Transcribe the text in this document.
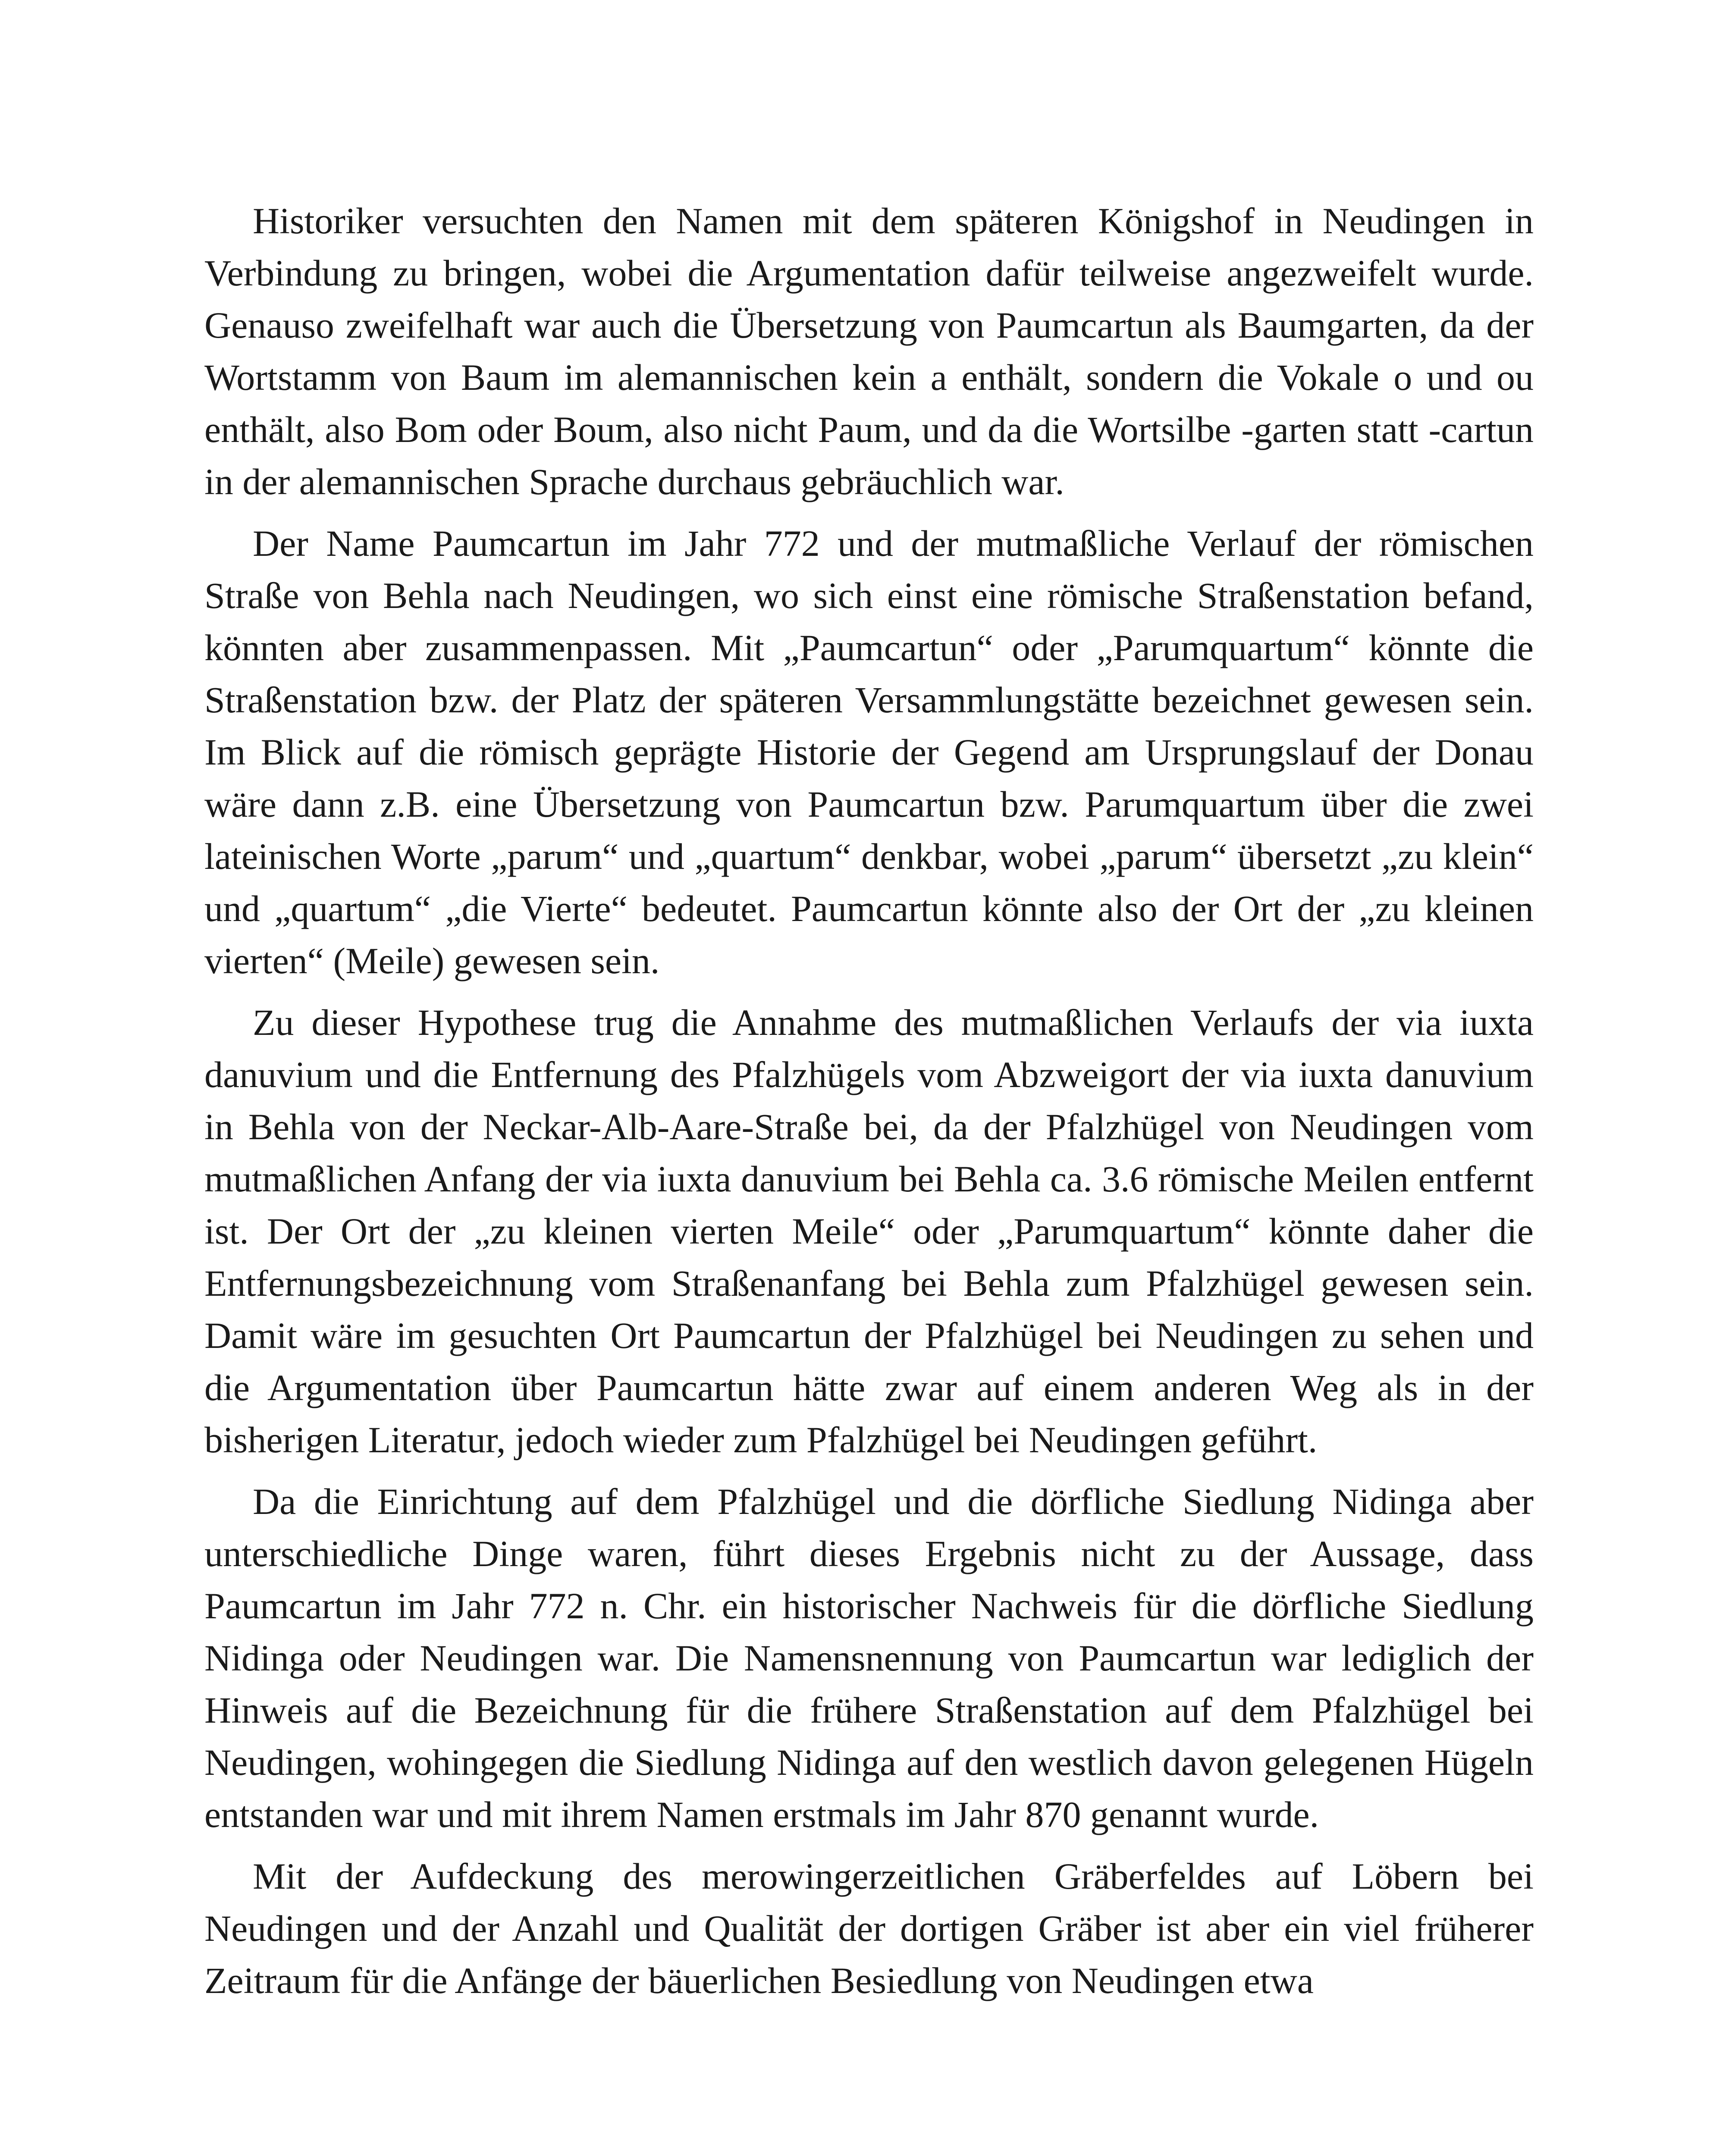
Historiker versuchten den Namen mit dem späteren Königshof in Neudingen in Verbindung zu bringen, wobei die Argumentation dafür teilweise angezweifelt wurde. Genauso zweifelhaft war auch die Übersetzung von Paumcartun als Baumgarten, da der Wortstamm von Baum im alemannischen kein a enthält, sondern die Vokale o und ou enthält, also Bom oder Boum, also nicht Paum, und da die Wortsilbe -garten statt -cartun in der alemannischen Sprache durchaus gebräuchlich war.

Der Name Paumcartun im Jahr 772 und der mutmaßliche Verlauf der römischen Straße von Behla nach Neudingen, wo sich einst eine römische Straßenstation befand, könnten aber zusammenpassen. Mit „Paumcartun“ oder „Parumquartum“ könnte die Straßenstation bzw. der Platz der späteren Versammlungstätte bezeichnet gewesen sein. Im Blick auf die römisch geprägte Historie der Gegend am Ursprungslauf der Donau wäre dann z.B. eine Übersetzung von Paumcartun bzw. Parumquartum über die zwei lateinischen Worte „parum“ und „quartum“ denkbar, wobei „parum“ übersetzt „zu klein“ und „quartum“ „die Vierte“ bedeutet. Paumcartun könnte also der Ort der „zu kleinen vierten“ (Meile) gewesen sein.

Zu dieser Hypothese trug die Annahme des mutmaßlichen Verlaufs der via iuxta danuvium und die Entfernung des Pfalzhügels vom Abzweigort der via iuxta danuvium in Behla von der Neckar-Alb-Aare-Straße bei, da der Pfalzhügel von Neudingen vom mutmaßlichen Anfang der via iuxta danuvium bei Behla ca. 3.6 römische Meilen entfernt ist. Der Ort der „zu kleinen vierten Meile“ oder „Parumquartum“ könnte daher die Entfernungsbezeichnung vom Straßenanfang bei Behla zum Pfalzhügel gewesen sein. Damit wäre im gesuchten Ort Paumcartun der Pfalzhügel bei Neudingen zu sehen und die Argumentation über Paumcartun hätte zwar auf einem anderen Weg als in der bisherigen Literatur, jedoch wieder zum Pfalzhügel bei Neudingen geführt.

Da die Einrichtung auf dem Pfalzhügel und die dörfliche Siedlung Nidinga aber unterschiedliche Dinge waren, führt dieses Ergebnis nicht zu der Aussage, dass Paumcartun im Jahr 772 n. Chr. ein historischer Nachweis für die dörfliche Siedlung Nidinga oder Neudingen war. Die Namensnennung von Paumcartun war lediglich der Hinweis auf die Bezeichnung für die frühere Straßenstation auf dem Pfalzhügel bei Neudingen, wohingegen die Siedlung Nidinga auf den westlich davon gelegenen Hügeln entstanden war und mit ihrem Namen erstmals im Jahr 870 genannt wurde.

Mit der Aufdeckung des merowingerzeitlichen Gräberfeldes auf Löbern bei Neudingen und der Anzahl und Qualität der dortigen Gräber ist aber ein viel früherer Zeitraum für die Anfänge der bäuerlichen Besiedlung von Neudingen etwa
